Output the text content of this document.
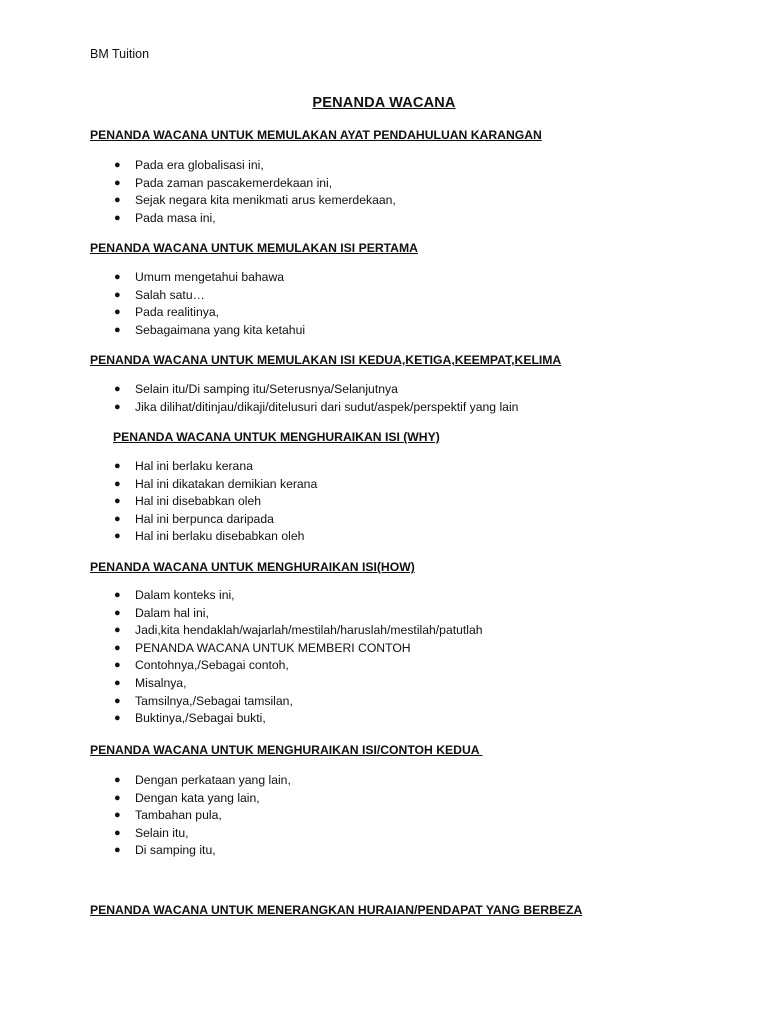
BM Tuition
PENANDA WACANA
PENANDA WACANA UNTUK MEMULAKAN AYAT PENDAHULUAN KARANGAN
● Pada era globalisasi ini,
● Pada zaman pascakemerdekaan ini,
● Sejak negara kita menikmati arus kemerdekaan,
● Pada masa ini,
PENANDA WACANA UNTUK MEMULAKAN ISI PERTAMA
● Umum mengetahui bahawa
● Salah satu…
● Pada realitinya,
● Sebagaimana yang kita ketahui
PENANDA WACANA UNTUK MEMULAKAN ISI KEDUA,KETIGA,KEEMPAT,KELIMA
● Selain itu/Di samping itu/Seterusnya/Selanjutnya
● Jika dilihat/ditinjau/dikaji/ditelusuri dari sudut/aspek/perspektif yang lain
PENANDA WACANA UNTUK MENGHURAIKAN ISI (WHY)
● Hal ini berlaku kerana
● Hal ini dikatakan demikian kerana
● Hal ini disebabkan oleh
● Hal ini berpunca daripada
● Hal ini berlaku disebabkan oleh
PENANDA WACANA UNTUK MENGHURAIKAN ISI(HOW)
● Dalam konteks ini,
● Dalam hal ini,
● Jadi,kita hendaklah/wajarlah/mestilah/haruslah/mestilah/patutlah
● PENANDA WACANA UNTUK MEMBERI CONTOH
● Contohnya,/Sebagai contoh,
● Misalnya,
● Tamsilnya,/Sebagai tamsilan,
● Buktinya,/Sebagai bukti,
PENANDA WACANA UNTUK MENGHURAIKAN ISI/CONTOH KEDUA
● Dengan perkataan yang lain,
● Dengan kata yang lain,
● Tambahan pula,
● Selain itu,
● Di samping itu,
PENANDA WACANA UNTUK MENERANGKAN HURAIAN/PENDAPAT YANG BERBEZA
